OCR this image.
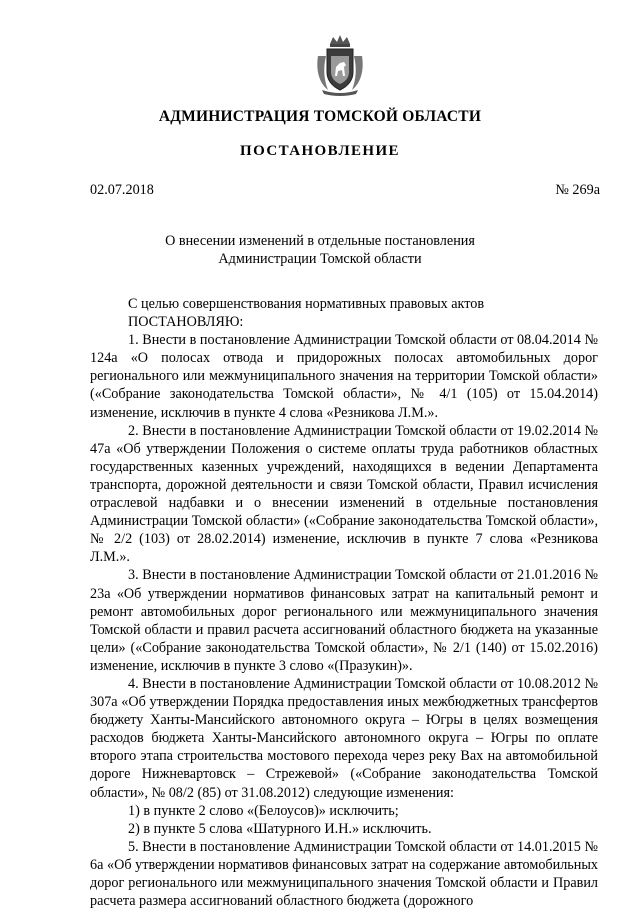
АДМИНИСТРАЦИЯ ТОМСКОЙ ОБЛАСТИ
ПОСТАНОВЛЕНИЕ
02.07.2018	№ 269а
О внесении изменений в отдельные постановления
Администрации Томской области

С целью совершенствования нормативных правовых актов

ПОСТАНОВЛЯЮ:

1. Внести в постановление Администрации Томской области от 08.04.2014 № 124а «О полосах отвода и придорожных полосах автомобильных дорог регионального или межмуниципального значения на территории Томской области» («Собрание законодательства Томской области», № 4/1 (105) от 15.04.2014) изменение, исключив в пункте 4 слова «Резникова Л.М.».

2. Внести в постановление Администрации Томской области от 19.02.2014 № 47а «Об утверждении Положения о системе оплаты труда работников областных государственных казенных учреждений, находящихся в ведении Департамента транспорта, дорожной деятельности и связи Томской области, Правил исчисления отраслевой надбавки и о внесении изменений в отдельные постановления Администрации Томской области» («Собрание законодательства Томской области», № 2/2 (103) от 28.02.2014) изменение, исключив в пункте 7 слова «Резникова Л.М.».

3. Внести в постановление Администрации Томской области от 21.01.2016 № 23а «Об утверждении нормативов финансовых затрат на капитальный ремонт и ремонт автомобильных дорог регионального или межмуниципального значения Томской области и правил расчета ассигнований областного бюджета на указанные цели» («Собрание законодательства Томской области», № 2/1 (140) от 15.02.2016) изменение, исключив в пункте 3 слово «(Празукин)».

4. Внести в постановление Администрации Томской области от 10.08.2012 № 307а «Об утверждении Порядка предоставления иных межбюджетных трансфертов бюджету Ханты-Мансийского автономного округа – Югры в целях возмещения расходов бюджета Ханты-Мансийского автономного округа – Югры по оплате второго этапа строительства мостового перехода через реку Вах на автомобильной дороге Нижневартовск – Стрежевой» («Собрание законодательства Томской области», № 08/2 (85) от 31.08.2012) следующие изменения:

1) в пункте 2 слово «(Белоусов)» исключить;

2) в пункте 5 слова «Шатурного И.Н.» исключить.

5. Внести в постановление Администрации Томской области от 14.01.2015 № 6а «Об утверждении нормативов финансовых затрат на содержание автомобильных дорог регионального или межмуниципального значения Томской области и Правил расчета размера ассигнований областного бюджета (дорожного
